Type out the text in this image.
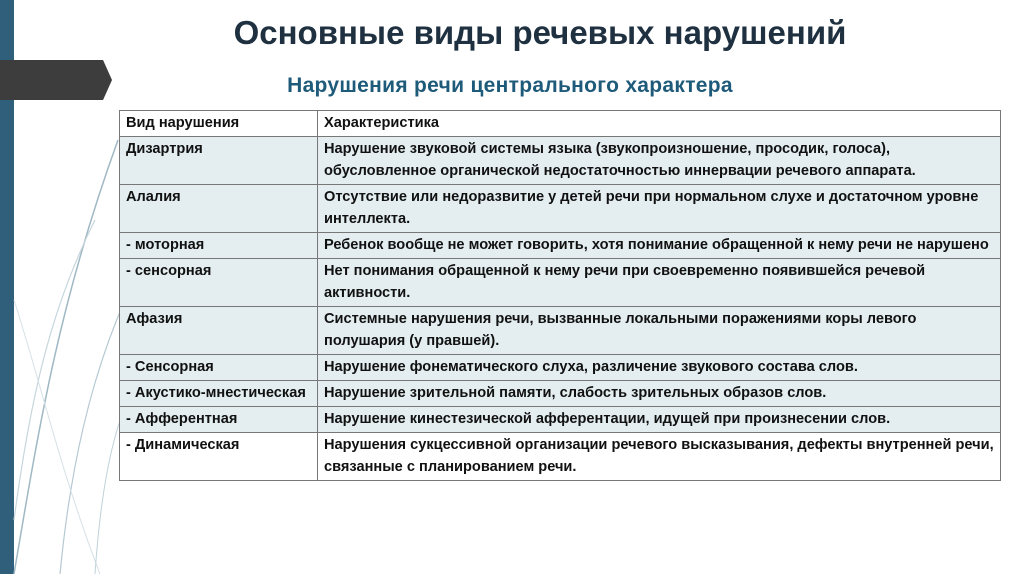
Основные виды речевых нарушений
Нарушения речи центрального характера
Вид нарушения	Характеристика
Дизартрия	Нарушение звуковой системы языка (звукопроизношение, просодик, голоса), обусловленное органической недостаточностью иннервации речевого аппарата.
Алалия	Отсутствие или недоразвитие у детей речи при нормальном слухе и достаточном уровне интеллекта.
- моторная	Ребенок вообще не может говорить, хотя понимание обращенной к нему речи не нарушено
- сенсорная	Нет понимания обращенной к нему речи при своевременно появившейся речевой активности.
Афазия	Системные нарушения речи, вызванные локальными поражениями коры левого полушария (у правшей).
- Сенсорная	Нарушение фонематического слуха, различение звукового состава слов.
- Акустико-мнестическая	Нарушение зрительной памяти, слабость зрительных образов слов.
- Афферентная	Нарушение кинестезической афферентации, идущей при произнесении слов.
- Динамическая	Нарушения сукцессивной организации речевого высказывания, дефекты внутренней речи, связанные с планированием речи.
